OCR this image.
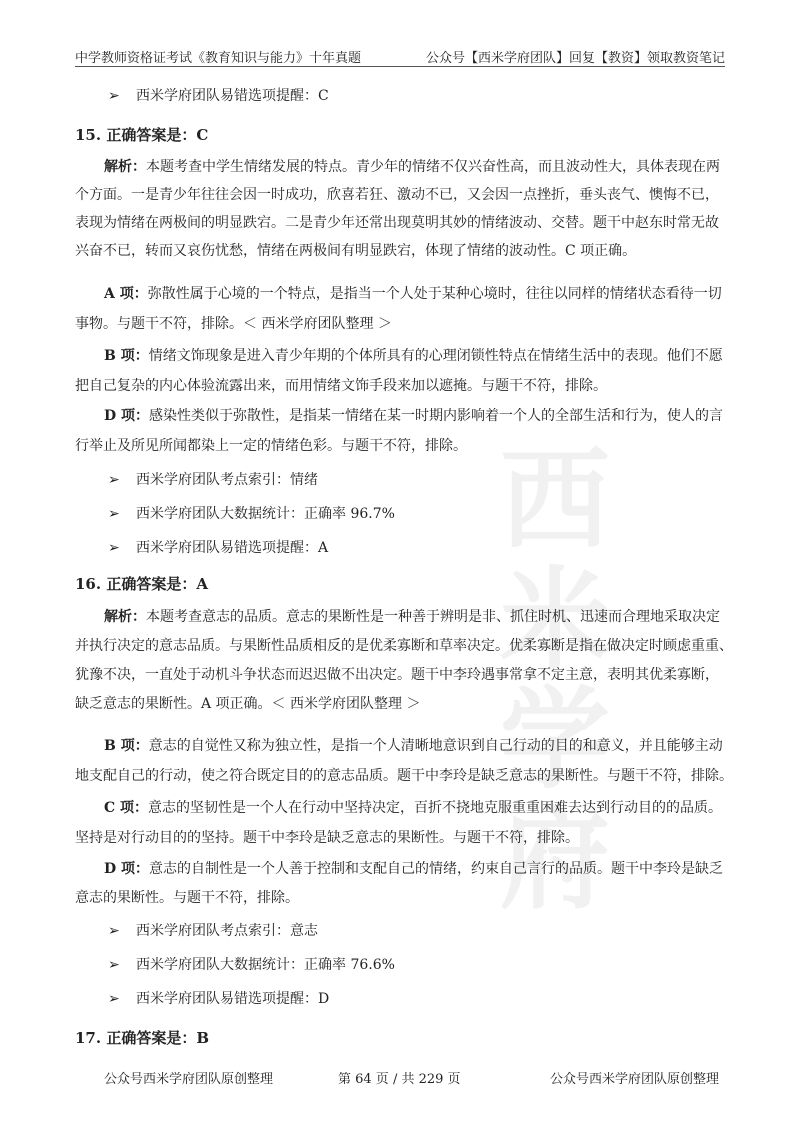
西米学府
中学教师资格证考试《教育知识与能力》十年真题	公众号【西米学府团队】回复【教资】领取教资笔记
➢ 西米学府团队易错选项提醒：C
15. 正确答案是：C
解析：本题考查中学生情绪发展的特点。青少年的情绪不仅兴奋性高，而且波动性大，具体表现在两
个方面。一是青少年往往会因一时成功，欣喜若狂、激动不已，又会因一点挫折，垂头丧气、懊悔不已，
表现为情绪在两极间的明显跌宕。二是青少年还常出现莫明其妙的情绪波动、交替。题干中赵东时常无故
兴奋不已，转而又哀伤忧愁，情绪在两极间有明显跌宕，体现了情绪的波动性。C 项正确。
A 项：弥散性属于心境的一个特点，是指当一个人处于某种心境时，往往以同样的情绪状态看待一切
事物。与题干不符，排除。＜ 西米学府团队整理 ＞
B 项：情绪文饰现象是进入青少年期的个体所具有的心理闭锁性特点在情绪生活中的表现。他们不愿
把自己复杂的内心体验流露出来，而用情绪文饰手段来加以遮掩。与题干不符，排除。
D 项：感染性类似于弥散性，是指某一情绪在某一时期内影响着一个人的全部生活和行为，使人的言
行举止及所见所闻都染上一定的情绪色彩。与题干不符，排除。
➢ 西米学府团队考点索引：情绪
➢ 西米学府团队大数据统计：正确率 96.7%
➢ 西米学府团队易错选项提醒：A
16. 正确答案是：A
解析：本题考查意志的品质。意志的果断性是一种善于辨明是非、抓住时机、迅速而合理地采取决定
并执行决定的意志品质。与果断性品质相反的是优柔寡断和草率决定。优柔寡断是指在做决定时顾虑重重、
犹豫不决，一直处于动机斗争状态而迟迟做不出决定。题干中李玲遇事常拿不定主意，表明其优柔寡断，
缺乏意志的果断性。A 项正确。＜ 西米学府团队整理 ＞
B 项：意志的自觉性又称为独立性，是指一个人清晰地意识到自己行动的目的和意义，并且能够主动
地支配自己的行动，使之符合既定目的的意志品质。题干中李玲是缺乏意志的果断性。与题干不符，排除。
C 项：意志的坚韧性是一个人在行动中坚持决定，百折不挠地克服重重困难去达到行动目的的品质。
坚持是对行动目的的坚持。题干中李玲是缺乏意志的果断性。与题干不符，排除。
D 项：意志的自制性是一个人善于控制和支配自己的情绪，约束自己言行的品质。题干中李玲是缺乏
意志的果断性。与题干不符，排除。
➢ 西米学府团队考点索引：意志
➢ 西米学府团队大数据统计：正确率 76.6%
➢ 西米学府团队易错选项提醒：D
17. 正确答案是：B
公众号西米学府团队原创整理	第 64 页 / 共 229 页	公众号西米学府团队原创整理
